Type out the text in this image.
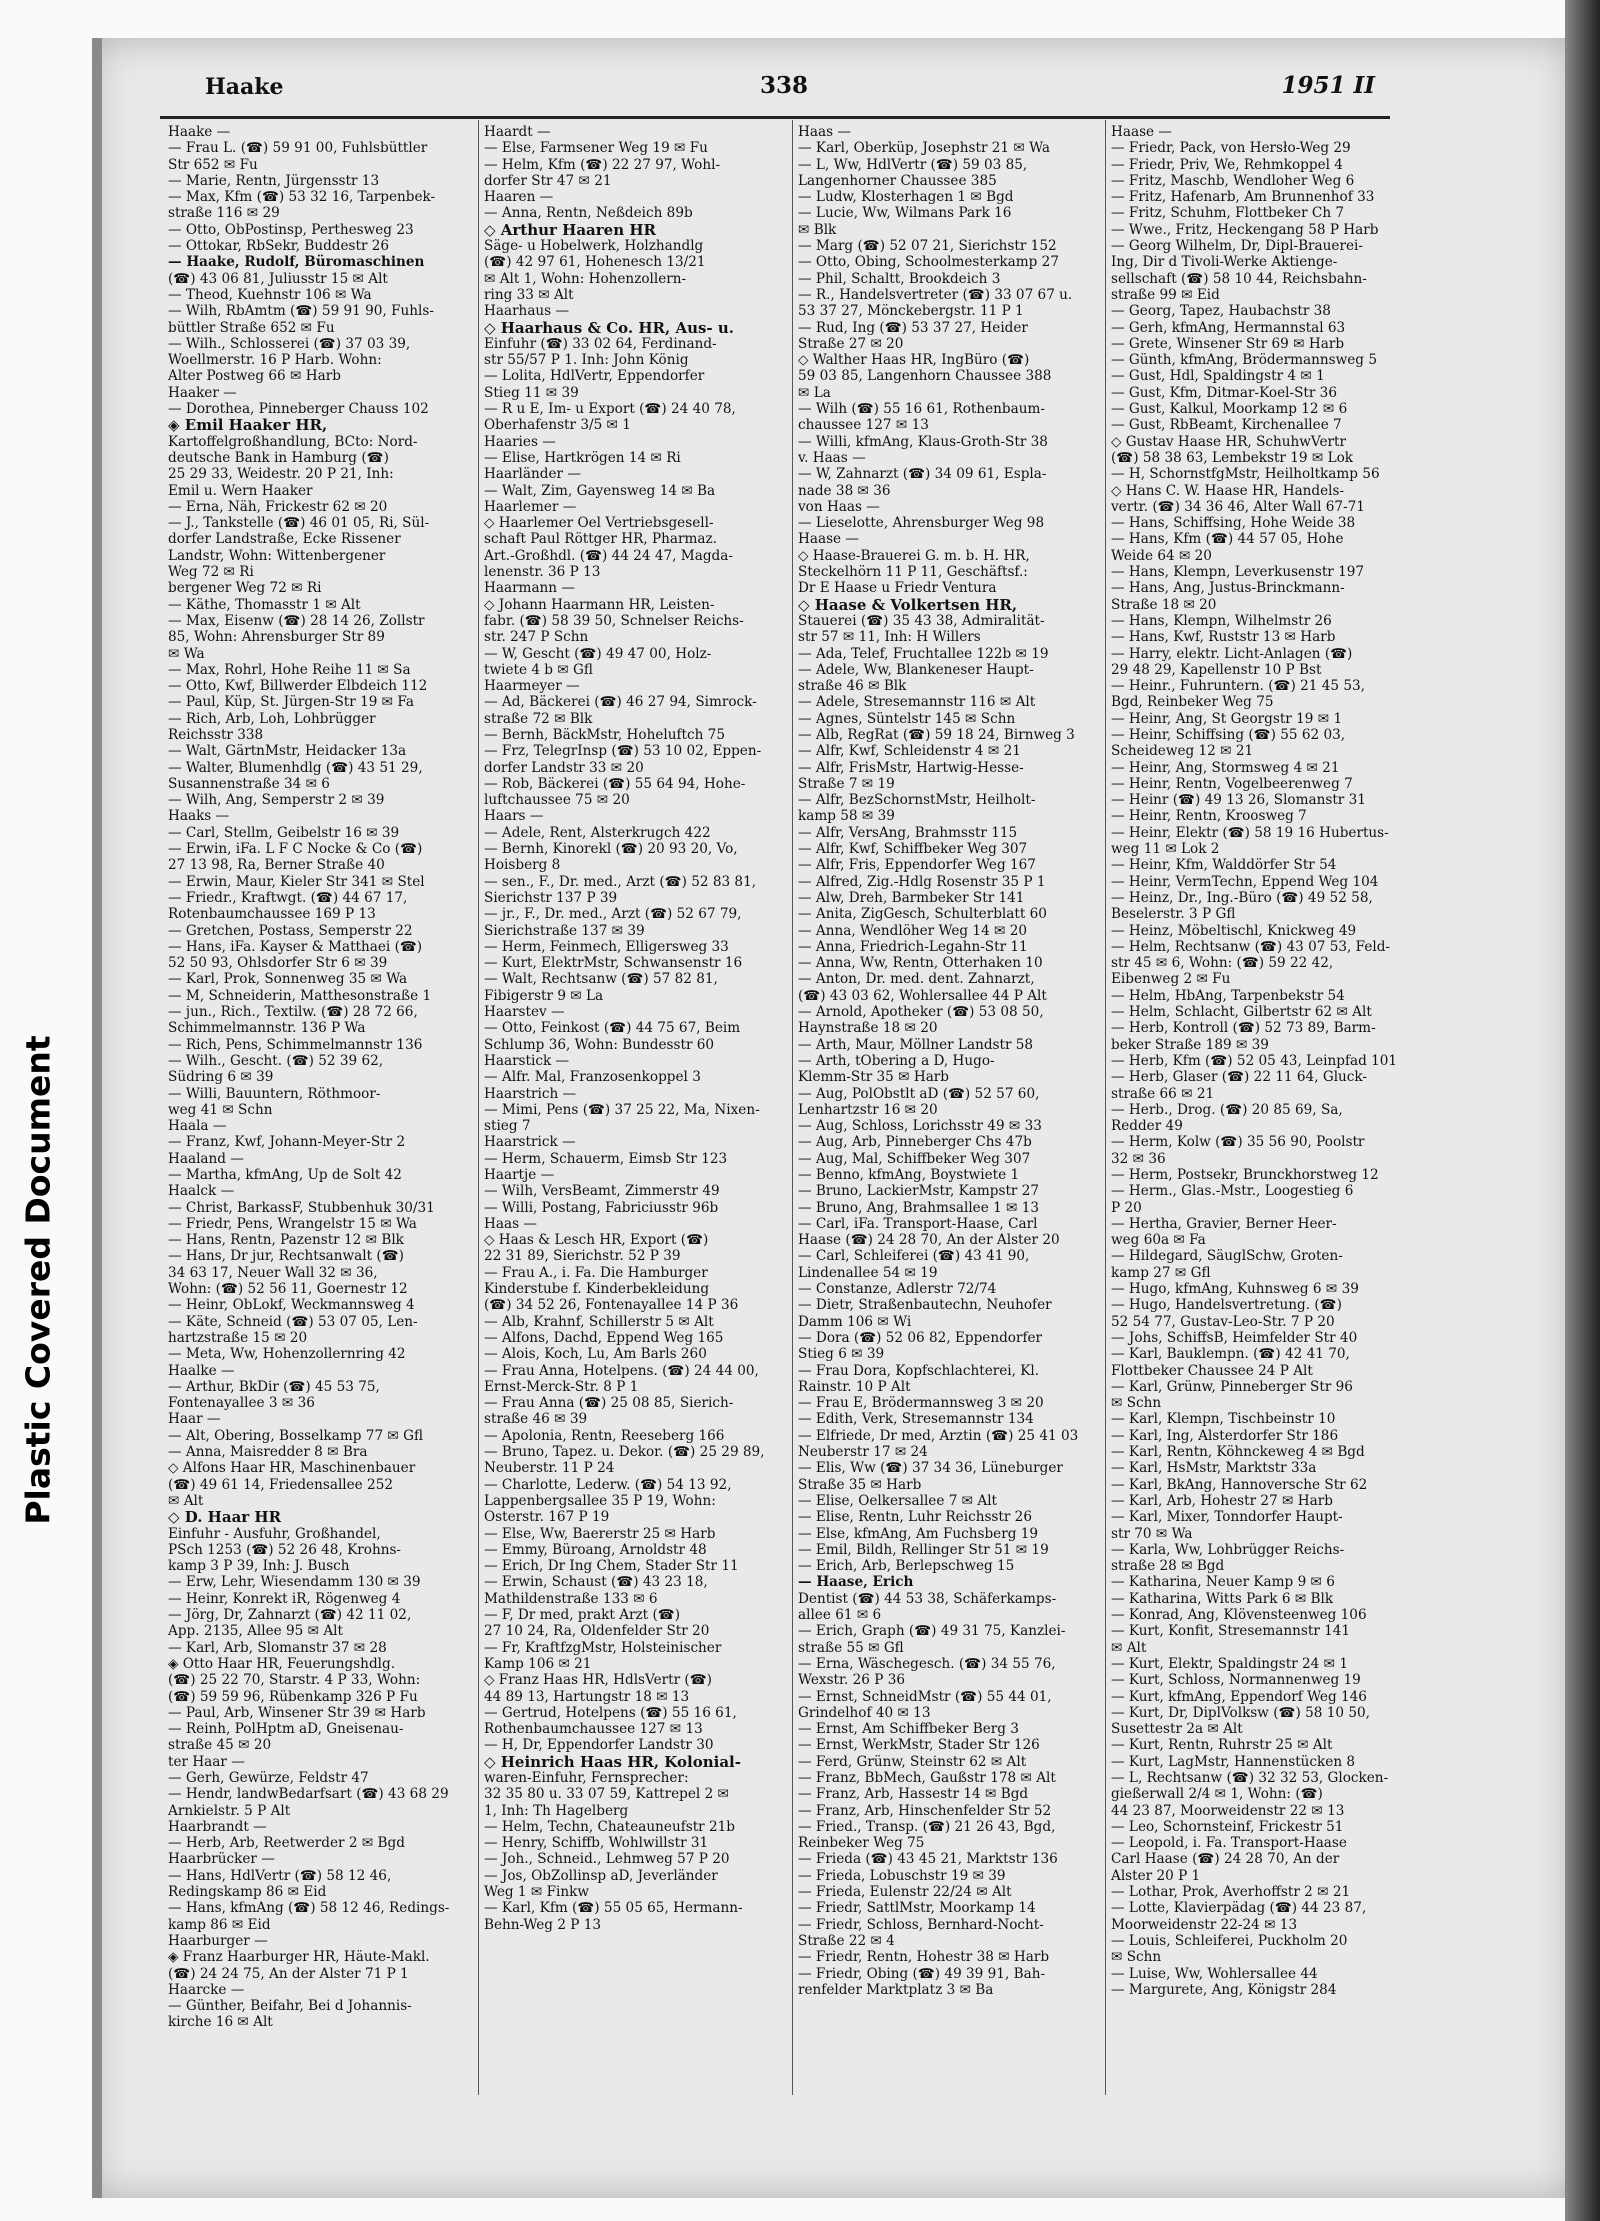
Plastic Covered Document
Haake	338	1951 II
Haake —
— Frau L. (☎) 59 91 00, Fuhlsbüttler
Str 652 ✉ Fu
— Marie, Rentn, Jürgensstr 13
— Max, Kfm (☎) 53 32 16, Tarpenbek-
straße 116 ✉ 29
— Otto, ObPostinsp, Perthesweg 23
— Ottokar, RbSekr, Buddestr 26
— Haake, Rudolf, Büromaschinen
(☎) 43 06 81, Juliusstr 15 ✉ Alt
— Theod, Kuehnstr 106 ✉ Wa
— Wilh, RbAmtm (☎) 59 91 90, Fuhls-
büttler Straße 652 ✉ Fu
— Wilh., Schlosserei (☎) 37 03 39,
Woellmerstr. 16 P Harb. Wohn:
Alter Postweg 66 ✉ Harb
Haaker —
— Dorothea, Pinneberger Chauss 102
◈ Emil Haaker HR,
Kartoffelgroßhandlung, BCto: Nord-
deutsche Bank in Hamburg (☎)
25 29 33, Weidestr. 20 P 21, Inh:
Emil u. Wern Haaker
— Erna, Näh, Frickestr 62 ✉ 20
— J., Tankstelle (☎) 46 01 05, Ri, Sül-
dorfer Landstraße, Ecke Rissener
Landstr, Wohn: Wittenbergener
Weg 72 ✉ Ri
bergener Weg 72 ✉ Ri
— Käthe, Thomasstr 1 ✉ Alt
— Max, Eisenw (☎) 28 14 26, Zollstr
85, Wohn: Ahrensburger Str 89
✉ Wa
— Max, Rohrl, Hohe Reihe 11 ✉ Sa
— Otto, Kwf, Billwerder Elbdeich 112
— Paul, Küp, St. Jürgen-Str 19 ✉ Fa
— Rich, Arb, Loh, Lohbrügger
Reichsstr 338
— Walt, GärtnMstr, Heidacker 13a
— Walter, Blumenhdlg (☎) 43 51 29,
Susannenstraße 34 ✉ 6
— Wilh, Ang, Semperstr 2 ✉ 39
Haaks —
— Carl, Stellm, Geibelstr 16 ✉ 39
— Erwin, iFa. L F C Nocke & Co (☎)
27 13 98, Ra, Berner Straße 40
— Erwin, Maur, Kieler Str 341 ✉ Stel
— Friedr., Kraftwgt. (☎) 44 67 17,
Rotenbaumchaussee 169 P 13
— Gretchen, Postass, Semperstr 22
— Hans, iFa. Kayser & Matthaei (☎)
52 50 93, Ohlsdorfer Str 6 ✉ 39
— Karl, Prok, Sonnenweg 35 ✉ Wa
— M, Schneiderin, Matthesonstraße 1
— jun., Rich., Textilw. (☎) 28 72 66,
Schimmelmannstr. 136 P Wa
— Rich, Pens, Schimmelmannstr 136
— Wilh., Gescht. (☎) 52 39 62,
Südring 6 ✉ 39
— Willi, Bauuntern, Röthmoor-
weg 41 ✉ Schn
Haala —
— Franz, Kwf, Johann-Meyer-Str 2
Haaland —
— Martha, kfmAng, Up de Solt 42
Haalck —
— Christ, BarkassF, Stubbenhuk 30/31
— Friedr, Pens, Wrangelstr 15 ✉ Wa
— Hans, Rentn, Pazenstr 12 ✉ Blk
— Hans, Dr jur, Rechtsanwalt (☎)
34 63 17, Neuer Wall 32 ✉ 36,
Wohn: (☎) 52 56 11, Goernestr 12
— Heinr, ObLokf, Weckmannsweg 4
— Käte, Schneid (☎) 53 07 05, Len-
hartzstraße 15 ✉ 20
— Meta, Ww, Hohenzollernring 42
Haalke —
— Arthur, BkDir (☎) 45 53 75,
Fontenayallee 3 ✉ 36
Haar —
— Alt, Obering, Bosselkamp 77 ✉ Gfl
— Anna, Maisredder 8 ✉ Bra
◇ Alfons Haar HR, Maschinenbauer
(☎) 49 61 14, Friedensallee 252
✉ Alt
◇ D. Haar HR
Einfuhr - Ausfuhr, Großhandel,
PSch 1253 (☎) 52 26 48, Krohns-
kamp 3 P 39, Inh: J. Busch
— Erw, Lehr, Wiesendamm 130 ✉ 39
— Heinr, Konrekt iR, Rögenweg 4
— Jörg, Dr, Zahnarzt (☎) 42 11 02,
App. 2135, Allee 95 ✉ Alt
— Karl, Arb, Slomanstr 37 ✉ 28
◈ Otto Haar HR, Feuerungshdlg.
(☎) 25 22 70, Starstr. 4 P 33, Wohn:
(☎) 59 59 96, Rübenkamp 326 P Fu
— Paul, Arb, Winsener Str 39 ✉ Harb
— Reinh, PolHptm aD, Gneisenau-
straße 45 ✉ 20
ter Haar —
— Gerh, Gewürze, Feldstr 47
— Hendr, landwBedarfsart (☎) 43 68 29
Arnkielstr. 5 P Alt
Haarbrandt —
— Herb, Arb, Reetwerder 2 ✉ Bgd
Haarbrücker —
— Hans, HdlVertr (☎) 58 12 46,
Redingskamp 86 ✉ Eid
— Hans, kfmAng (☎) 58 12 46, Redings-
kamp 86 ✉ Eid
Haarburger —
◈ Franz Haarburger HR, Häute-Makl.
(☎) 24 24 75, An der Alster 71 P 1
Haarcke —
— Günther, Beifahr, Bei d Johannis-
kirche 16 ✉ Alt
Haardt —
— Else, Farmsener Weg 19 ✉ Fu
— Helm, Kfm (☎) 22 27 97, Wohl-
dorfer Str 47 ✉ 21
Haaren —
— Anna, Rentn, Neßdeich 89b
◇ Arthur Haaren HR
Säge- u Hobelwerk, Holzhandlg
(☎) 42 97 61, Hohenesch 13/21
✉ Alt 1, Wohn: Hohenzollern-
ring 33 ✉ Alt
Haarhaus —
◇ Haarhaus & Co. HR, Aus- u.
Einfuhr (☎) 33 02 64, Ferdinand-
str 55/57 P 1. Inh: John König
— Lolita, HdlVertr, Eppendorfer
Stieg 11 ✉ 39
— R u E, Im- u Export (☎) 24 40 78,
Oberhafenstr 3/5 ✉ 1
Haaries —
— Elise, Hartkrögen 14 ✉ Ri
Haarländer —
— Walt, Zim, Gayensweg 14 ✉ Ba
Haarlemer —
◇ Haarlemer Oel Vertriebsgesell-
schaft Paul Röttger HR, Pharmaz.
Art.-Großhdl. (☎) 44 24 47, Magda-
lenenstr. 36 P 13
Haarmann —
◇ Johann Haarmann HR, Leisten-
fabr. (☎) 58 39 50, Schnelser Reichs-
str. 247 P Schn
— W, Gescht (☎) 49 47 00, Holz-
twiete 4 b ✉ Gfl
Haarmeyer —
— Ad, Bäckerei (☎) 46 27 94, Simrock-
straße 72 ✉ Blk
— Bernh, BäckMstr, Hoheluftch 75
— Frz, TelegrInsp (☎) 53 10 02, Eppen-
dorfer Landstr 33 ✉ 20
— Rob, Bäckerei (☎) 55 64 94, Hohe-
luftchaussee 75 ✉ 20
Haars —
— Adele, Rent, Alsterkrugch 422
— Bernh, Kinorekl (☎) 20 93 20, Vo,
Hoisberg 8
— sen., F., Dr. med., Arzt (☎) 52 83 81,
Sierichstr 137 P 39
— jr., F., Dr. med., Arzt (☎) 52 67 79,
Sierichstraße 137 ✉ 39
— Herm, Feinmech, Elligersweg 33
— Kurt, ElektrMstr, Schwansenstr 16
— Walt, Rechtsanw (☎) 57 82 81,
Fibigerstr 9 ✉ La
Haarstev —
— Otto, Feinkost (☎) 44 75 67, Beim
Schlump 36, Wohn: Bundesstr 60
Haarstick —
— Alfr. Mal, Franzosenkoppel 3
Haarstrich —
— Mimi, Pens (☎) 37 25 22, Ma, Nixen-
stieg 7
Haarstrick —
— Herm, Schauerm, Eimsb Str 123
Haartje —
— Wilh, VersBeamt, Zimmerstr 49
— Willi, Postang, Fabriciusstr 96b
Haas —
◇ Haas & Lesch HR, Export (☎)
22 31 89, Sierichstr. 52 P 39
— Frau A., i. Fa. Die Hamburger
Kinderstube f. Kinderbekleidung
(☎) 34 52 26, Fontenayallee 14 P 36
— Alb, Krahnf, Schillerstr 5 ✉ Alt
— Alfons, Dachd, Eppend Weg 165
— Alois, Koch, Lu, Am Barls 260
— Frau Anna, Hotelpens. (☎) 24 44 00,
Ernst-Merck-Str. 8 P 1
— Frau Anna (☎) 25 08 85, Sierich-
straße 46 ✉ 39
— Apolonia, Rentn, Reeseberg 166
— Bruno, Tapez. u. Dekor. (☎) 25 29 89,
Neuberstr. 11 P 24
— Charlotte, Lederw. (☎) 54 13 92,
Lappenbergsallee 35 P 19, Wohn:
Osterstr. 167 P 19
— Else, Ww, Baererstr 25 ✉ Harb
— Emmy, Büroang, Arnoldstr 48
— Erich, Dr Ing Chem, Stader Str 11
— Erwin, Schaust (☎) 43 23 18,
Mathildenstraße 133 ✉ 6
— F, Dr med, prakt Arzt (☎)
27 10 24, Ra, Oldenfelder Str 20
— Fr, KraftfzgMstr, Holsteinischer
Kamp 106 ✉ 21
◇ Franz Haas HR, HdlsVertr (☎)
44 89 13, Hartungstr 18 ✉ 13
— Gertrud, Hotelpens (☎) 55 16 61,
Rothenbaumchaussee 127 ✉ 13
— H, Dr, Eppendorfer Landstr 30
◇ Heinrich Haas HR, Kolonial-
waren-Einfuhr, Fernsprecher:
32 35 80 u. 33 07 59, Kattrepel 2 ✉
1, Inh: Th Hagelberg
— Helm, Techn, Chateauneufstr 21b
— Henry, Schiffb, Wohlwillstr 31
— Joh., Schneid., Lehmweg 57 P 20
— Jos, ObZollinsp aD, Jeverländer
Weg 1 ✉ Finkw
— Karl, Kfm (☎) 55 05 65, Hermann-
Behn-Weg 2 P 13
Haas —
— Karl, Oberküp, Josephstr 21 ✉ Wa
— L, Ww, HdlVertr (☎) 59 03 85,
Langenhorner Chaussee 385
— Ludw, Klosterhagen 1 ✉ Bgd
— Lucie, Ww, Wilmans Park 16
✉ Blk
— Marg (☎) 52 07 21, Sierichstr 152
— Otto, Obing, Schoolmesterkamp 27
— Phil, Schaltt, Brookdeich 3
— R., Handelsvertreter (☎) 33 07 67 u.
53 37 27, Mönckebergstr. 11 P 1
— Rud, Ing (☎) 53 37 27, Heider
Straße 27 ✉ 20
◇ Walther Haas HR, IngBüro (☎)
59 03 85, Langenhorn Chaussee 388
✉ La
— Wilh (☎) 55 16 61, Rothenbaum-
chaussee 127 ✉ 13
— Willi, kfmAng, Klaus-Groth-Str 38
v. Haas —
— W, Zahnarzt (☎) 34 09 61, Espla-
nade 38 ✉ 36
von Haas —
— Lieselotte, Ahrensburger Weg 98
Haase —
◇ Haase-Brauerei G. m. b. H. HR,
Steckelhörn 11 P 11, Geschäftsf.:
Dr E Haase u Friedr Ventura
◇ Haase & Volkertsen HR,
Stauerei (☎) 35 43 38, Admiralität-
str 57 ✉ 11, Inh: H Willers
— Ada, Telef, Fruchtallee 122b ✉ 19
— Adele, Ww, Blankeneser Haupt-
straße 46 ✉ Blk
— Adele, Stresemannstr 116 ✉ Alt
— Agnes, Süntelstr 145 ✉ Schn
— Alb, RegRat (☎) 59 18 24, Birnweg 3
— Alfr, Kwf, Schleidenstr 4 ✉ 21
— Alfr, FrisMstr, Hartwig-Hesse-
Straße 7 ✉ 19
— Alfr, BezSchornstMstr, Heilholt-
kamp 58 ✉ 39
— Alfr, VersAng, Brahmsstr 115
— Alfr, Kwf, Schiffbeker Weg 307
— Alfr, Fris, Eppendorfer Weg 167
— Alfred, Zig.-Hdlg Rosenstr 35 P 1
— Alw, Dreh, Barmbeker Str 141
— Anita, ZigGesch, Schulterblatt 60
— Anna, Wendlöher Weg 14 ✉ 20
— Anna, Friedrich-Legahn-Str 11
— Anna, Ww, Rentn, Otterhaken 10
— Anton, Dr. med. dent. Zahnarzt,
(☎) 43 03 62, Wohlersallee 44 P Alt
— Arnold, Apotheker (☎) 53 08 50,
Haynstraße 18 ✉ 20
— Arth, Maur, Möllner Landstr 58
— Arth, tObering a D, Hugo-
Klemm-Str 35 ✉ Harb
— Aug, PolObstlt aD (☎) 52 57 60,
Lenhartzstr 16 ✉ 20
— Aug, Schloss, Lorichsstr 49 ✉ 33
— Aug, Arb, Pinneberger Chs 47b
— Aug, Mal, Schiffbeker Weg 307
— Benno, kfmAng, Boystwiete 1
— Bruno, LackierMstr, Kampstr 27
— Bruno, Ang, Brahmsallee 1 ✉ 13
— Carl, iFa. Transport-Haase, Carl
Haase (☎) 24 28 70, An der Alster 20
— Carl, Schleiferei (☎) 43 41 90,
Lindenallee 54 ✉ 19
— Constanze, Adlerstr 72/74
— Dietr, Straßenbautechn, Neuhofer
Damm 106 ✉ Wi
— Dora (☎) 52 06 82, Eppendorfer
Stieg 6 ✉ 39
— Frau Dora, Kopfschlachterei, Kl.
Rainstr. 10 P Alt
— Frau E, Brödermannsweg 3 ✉ 20
— Edith, Verk, Stresemannstr 134
— Elfriede, Dr med, Arztin (☎) 25 41 03
Neuberstr 17 ✉ 24
— Elis, Ww (☎) 37 34 36, Lüneburger
Straße 35 ✉ Harb
— Elise, Oelkersallee 7 ✉ Alt
— Elise, Rentn, Luhr Reichsstr 26
— Else, kfmAng, Am Fuchsberg 19
— Emil, Bildh, Rellinger Str 51 ✉ 19
— Erich, Arb, Berlepschweg 15
— Haase, Erich
Dentist (☎) 44 53 38, Schäferkamps-
allee 61 ✉ 6
— Erich, Graph (☎) 49 31 75, Kanzlei-
straße 55 ✉ Gfl
— Erna, Wäschegesch. (☎) 34 55 76,
Wexstr. 26 P 36
— Ernst, SchneidMstr (☎) 55 44 01,
Grindelhof 40 ✉ 13
— Ernst, Am Schiffbeker Berg 3
— Ernst, WerkMstr, Stader Str 126
— Ferd, Grünw, Steinstr 62 ✉ Alt
— Franz, BbMech, Gaußstr 178 ✉ Alt
— Franz, Arb, Hassestr 14 ✉ Bgd
— Franz, Arb, Hinschenfelder Str 52
— Fried., Transp. (☎) 21 26 43, Bgd,
Reinbeker Weg 75
— Frieda (☎) 43 45 21, Marktstr 136
— Frieda, Lobuschstr 19 ✉ 39
— Frieda, Eulenstr 22/24 ✉ Alt
— Friedr, SattlMstr, Moorkamp 14
— Friedr, Schloss, Bernhard-Nocht-
Straße 22 ✉ 4
— Friedr, Rentn, Hohestr 38 ✉ Harb
— Friedr, Obing (☎) 49 39 91, Bah-
renfelder Marktplatz 3 ✉ Ba
Haase —
— Friedr, Pack, von Hersło-Weg 29
— Friedr, Priv, We, Rehmkoppel 4
— Fritz, Maschb, Wendloher Weg 6
— Fritz, Hafenarb, Am Brunnenhof 33
— Fritz, Schuhm, Flottbeker Ch 7
— Wwe., Fritz, Heckengang 58 P Harb
— Georg Wilhelm, Dr, Dipl-Brauerei-
Ing, Dir d Tivoli-Werke Aktienge-
sellschaft (☎) 58 10 44, Reichsbahn-
straße 99 ✉ Eid
— Georg, Tapez, Haubachstr 38
— Gerh, kfmAng, Hermannstal 63
— Grete, Winsener Str 69 ✉ Harb
— Günth, kfmAng, Brödermannsweg 5
— Gust, Hdl, Spaldingstr 4 ✉ 1
— Gust, Kfm, Ditmar-Koel-Str 36
— Gust, Kalkul, Moorkamp 12 ✉ 6
— Gust, RbBeamt, Kirchenallee 7
◇ Gustav Haase HR, SchuhwVertr
(☎) 58 38 63, Lembekstr 19 ✉ Lok
— H, SchornstfgMstr, Heilholtkamp 56
◇ Hans C. W. Haase HR, Handels-
vertr. (☎) 34 36 46, Alter Wall 67-71
— Hans, Schiffsing, Hohe Weide 38
— Hans, Kfm (☎) 44 57 05, Hohe
Weide 64 ✉ 20
— Hans, Klempn, Leverkusenstr 197
— Hans, Ang, Justus-Brinckmann-
Straße 18 ✉ 20
— Hans, Klempn, Wilhelmstr 26
— Hans, Kwf, Ruststr 13 ✉ Harb
— Harry, elektr. Licht-Anlagen (☎)
29 48 29, Kapellenstr 10 P Bst
— Heinr., Fuhruntern. (☎) 21 45 53,
Bgd, Reinbeker Weg 75
— Heinr, Ang, St Georgstr 19 ✉ 1
— Heinr, Schiffsing (☎) 55 62 03,
Scheideweg 12 ✉ 21
— Heinr, Ang, Stormsweg 4 ✉ 21
— Heinr, Rentn, Vogelbeerenweg 7
— Heinr (☎) 49 13 26, Slomanstr 31
— Heinr, Rentn, Kroosweg 7
— Heinr, Elektr (☎) 58 19 16 Hubertus-
weg 11 ✉ Lok 2
— Heinr, Kfm, Walddörfer Str 54
— Heinr, VermTechn, Eppend Weg 104
— Heinz, Dr., Ing.-Büro (☎) 49 52 58,
Beselerstr. 3 P Gfl
— Heinz, Möbeltischl, Knickweg 49
— Helm, Rechtsanw (☎) 43 07 53, Feld-
str 45 ✉ 6, Wohn: (☎) 59 22 42,
Eibenweg 2 ✉ Fu
— Helm, HbAng, Tarpenbekstr 54
— Helm, Schlacht, Gilbertstr 62 ✉ Alt
— Herb, Kontroll (☎) 52 73 89, Barm-
beker Straße 189 ✉ 39
— Herb, Kfm (☎) 52 05 43, Leinpfad 101
— Herb, Glaser (☎) 22 11 64, Gluck-
straße 66 ✉ 21
— Herb., Drog. (☎) 20 85 69, Sa,
Redder 49
— Herm, Kolw (☎) 35 56 90, Poolstr
32 ✉ 36
— Herm, Postsekr, Brunckhorstweg 12
— Herm., Glas.-Mstr., Loogestieg 6
P 20
— Hertha, Gravier, Berner Heer-
weg 60a ✉ Fa
— Hildegard, SäuglSchw, Groten-
kamp 27 ✉ Gfl
— Hugo, kfmAng, Kuhnsweg 6 ✉ 39
— Hugo, Handelsvertretung. (☎)
52 54 77, Gustav-Leo-Str. 7 P 20
— Johs, SchiffsB, Heimfelder Str 40
— Karl, Bauklempn. (☎) 42 41 70,
Flottbeker Chaussee 24 P Alt
— Karl, Grünw, Pinneberger Str 96
✉ Schn
— Karl, Klempn, Tischbeinstr 10
— Karl, Ing, Alsterdorfer Str 186
— Karl, Rentn, Köhnckeweg 4 ✉ Bgd
— Karl, HsMstr, Marktstr 33a
— Karl, BkAng, Hannoversche Str 62
— Karl, Arb, Hohestr 27 ✉ Harb
— Karl, Mixer, Tonndorfer Haupt-
str 70 ✉ Wa
— Karla, Ww, Lohbrügger Reichs-
straße 28 ✉ Bgd
— Katharina, Neuer Kamp 9 ✉ 6
— Katharina, Witts Park 6 ✉ Blk
— Konrad, Ang, Klövensteenweg 106
— Kurt, Konfit, Stresemannstr 141
✉ Alt
— Kurt, Elektr, Spaldingstr 24 ✉ 1
— Kurt, Schloss, Normannenweg 19
— Kurt, kfmAng, Eppendorf Weg 146
— Kurt, Dr, DiplVolksw (☎) 58 10 50,
Susettestr 2a ✉ Alt
— Kurt, Rentn, Ruhrstr 25 ✉ Alt
— Kurt, LagMstr, Hannenstücken 8
— L, Rechtsanw (☎) 32 32 53, Glocken-
gießerwall 2/4 ✉ 1, Wohn: (☎)
44 23 87, Moorweidenstr 22 ✉ 13
— Leo, Schornsteinf, Frickestr 51
— Leopold, i. Fa. Transport-Haase
Carl Haase (☎) 24 28 70, An der
Alster 20 P 1
— Lothar, Prok, Averhoffstr 2 ✉ 21
— Lotte, Klavierpädag (☎) 44 23 87,
Moorweidenstr 22-24 ✉ 13
— Louis, Schleiferei, Puckholm 20
✉ Schn
— Luise, Ww, Wohlersallee 44
— Margurete, Ang, Königstr 284
